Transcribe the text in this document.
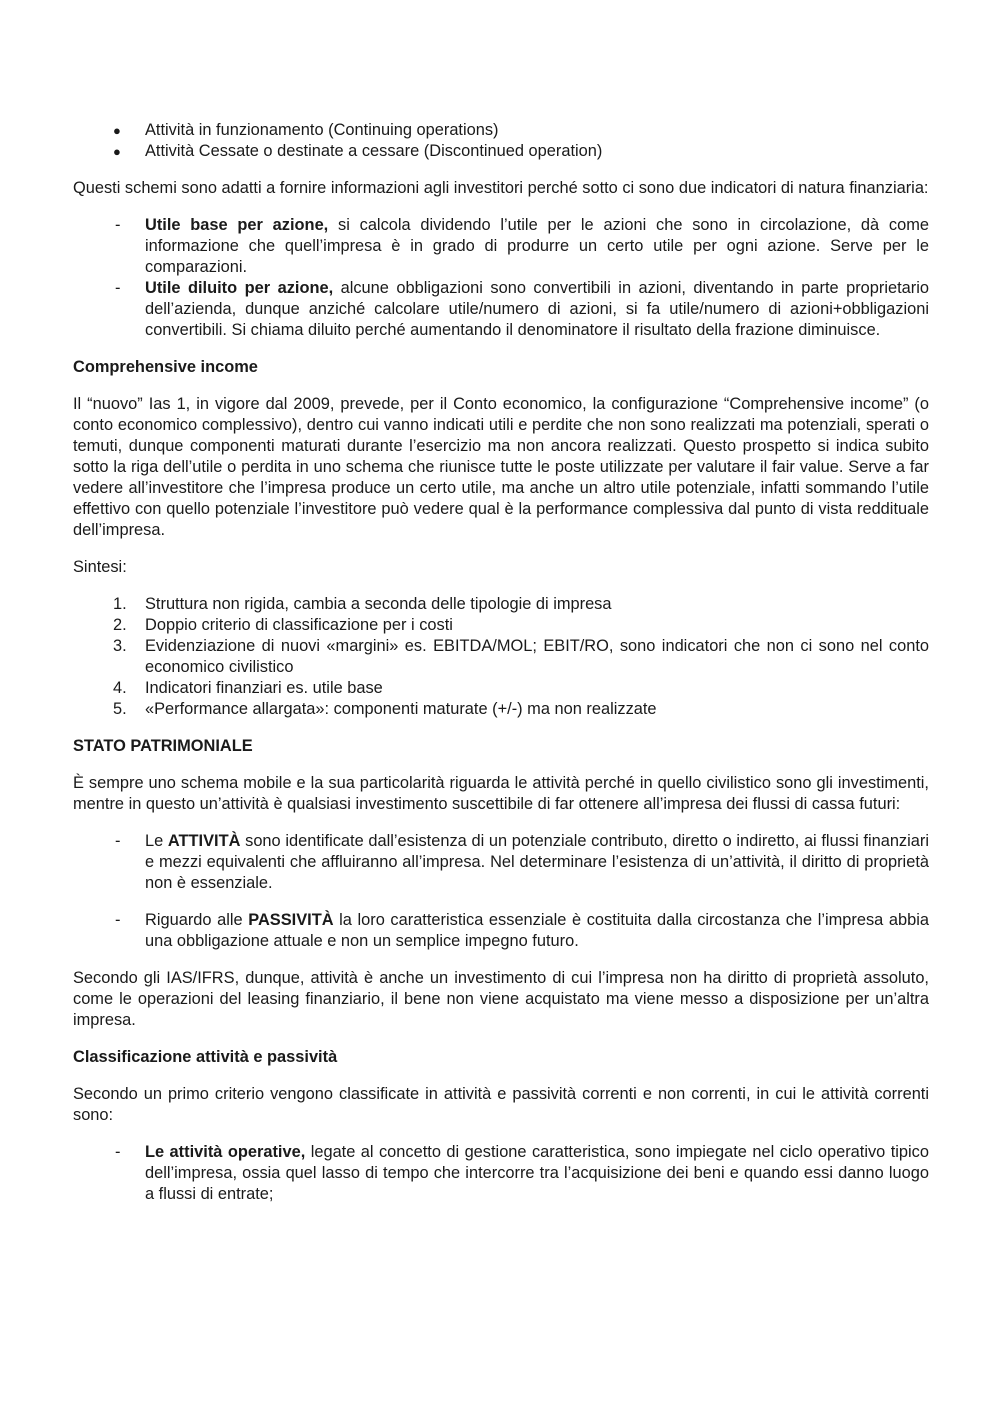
● Attività in funzionamento (Continuing operations)
● Attività Cessate o destinate a cessare (Discontinued operation)

Questi schemi sono adatti a fornire informazioni agli investitori perché sotto ci sono due indicatori di natura finanziaria:

- Utile base per azione, si calcola dividendo l’utile per le azioni che sono in circolazione, dà come informazione che quell’impresa è in grado di produrre un certo utile per ogni azione. Serve per le comparazioni.
- Utile diluito per azione, alcune obbligazioni sono convertibili in azioni, diventando in parte proprietario dell’azienda, dunque anziché calcolare utile/numero di azioni, si fa utile/numero di azioni+obbligazioni convertibili. Si chiama diluito perché aumentando il denominatore il risultato della frazione diminuisce.

Comprehensive income

Il “nuovo” Ias 1, in vigore dal 2009, prevede, per il Conto economico, la configurazione “Comprehensive income” (o conto economico complessivo), dentro cui vanno indicati utili e perdite che non sono realizzati ma potenziali, sperati o temuti, dunque componenti maturati durante l’esercizio ma non ancora realizzati. Questo prospetto si indica subito sotto la riga dell’utile o perdita in uno schema che riunisce tutte le poste utilizzate per valutare il fair value. Serve a far vedere all’investitore che l’impresa produce un certo utile, ma anche un altro utile potenziale, infatti sommando l’utile effettivo con quello potenziale l’investitore può vedere qual è la performance complessiva dal punto di vista reddituale dell’impresa.

Sintesi:

1. Struttura non rigida, cambia a seconda delle tipologie di impresa
2. Doppio criterio di classificazione per i costi
3. Evidenziazione di nuovi «margini» es. EBITDA/MOL; EBIT/RO, sono indicatori che non ci sono nel conto economico civilistico
4. Indicatori finanziari es. utile base
5. «Performance allargata»: componenti maturate (+/-) ma non realizzate

STATO PATRIMONIALE

È sempre uno schema mobile e la sua particolarità riguarda le attività perché in quello civilistico sono gli investimenti, mentre in questo un’attività è qualsiasi investimento suscettibile di far ottenere all’impresa dei flussi di cassa futuri:

- Le ATTIVITÀ sono identificate dall’esistenza di un potenziale contributo, diretto o indiretto, ai flussi finanziari e mezzi equivalenti che affluiranno all’impresa. Nel determinare l’esistenza di un’attività, il diritto di proprietà non è essenziale.
- Riguardo alle PASSIVITÀ la loro caratteristica essenziale è costituita dalla circostanza che l’impresa abbia una obbligazione attuale e non un semplice impegno futuro.

Secondo gli IAS/IFRS, dunque, attività è anche un investimento di cui l’impresa non ha diritto di proprietà assoluto, come le operazioni del leasing finanziario, il bene non viene acquistato ma viene messo a disposizione per un’altra impresa.

Classificazione attività e passività

Secondo un primo criterio vengono classificate in attività e passività correnti e non correnti, in cui le attività correnti sono:

- Le attività operative, legate al concetto di gestione caratteristica, sono impiegate nel ciclo operativo tipico dell’impresa, ossia quel lasso di tempo che intercorre tra l’acquisizione dei beni e quando essi danno luogo a flussi di entrate;
